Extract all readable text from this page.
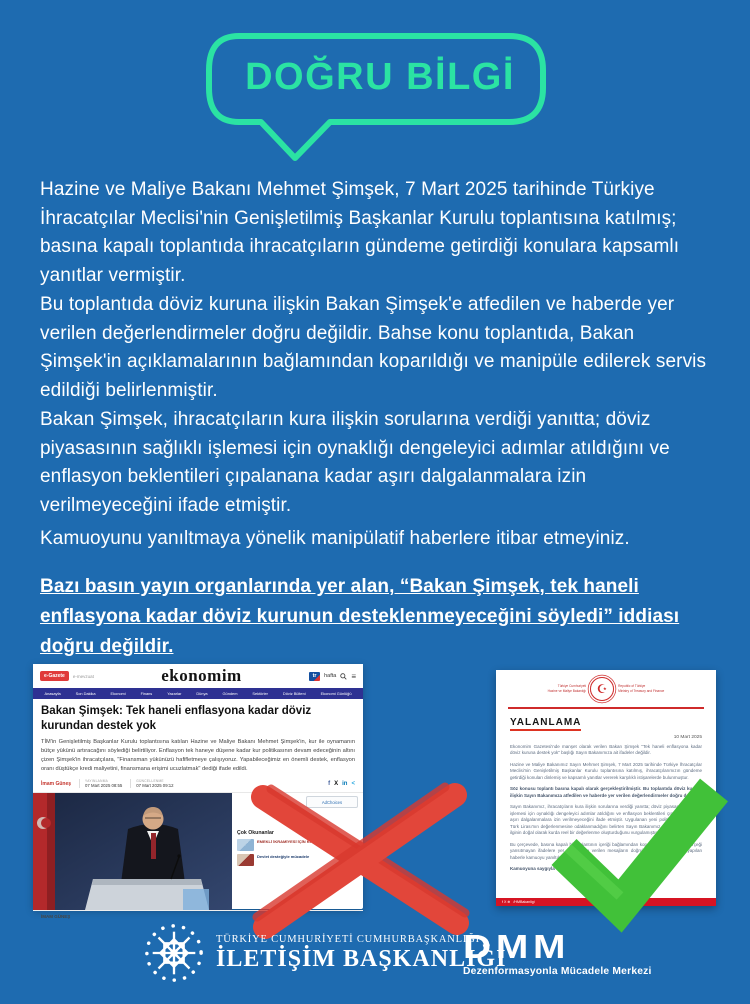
DOĞRU BİLGİ

Hazine ve Maliye Bakanı Mehmet Şimşek, 7 Mart 2025 tarihinde Türkiye İhracatçılar Meclisi'nin Genişletilmiş Başkanlar Kurulu toplantısına katılmış; basına kapalı toplantıda ihracatçıların gündeme getirdiği konulara kapsamlı yanıtlar vermiştir.

Bu toplantıda döviz kuruna ilişkin Bakan Şimşek'e atfedilen ve haberde yer verilen değerlendirmeler doğru değildir. Bahse konu toplantıda, Bakan Şimşek'in açıklamalarının bağlamından koparıldığı ve manipüle edilerek servis edildiği belirlenmiştir.

Bakan Şimşek, ihracatçıların kura ilişkin sorularına verdiği yanıtta; döviz piyasasının sağlıklı işlemesi için oynaklığı dengeleyici adımlar atıldığını ve enflasyon beklentileri çıpalanana kadar aşırı dalgalanmalara izin verilmeyeceğini ifade etmiştir.

Kamuoyunu yanıltmaya yönelik manipülatif haberlere itibar etmeyiniz.

Bazı basın yayın organlarında yer alan, “Bakan Şimşek, tek haneli enflasyona kadar döviz kurunun desteklenmeyeceğini söyledi” iddiası doğru değildir.

e-Gazete	e-mevzuat	ekonomim	tr	hafta ≡
Anasayfa	Son Dakika	Ekonomi	Finans	Yazarlar	Dünya	Gündem	Sektörler	Döviz Bülteni	Ekonomi Günlüğü
Bakan Şimşek: Tek haneli enflasyona kadar döviz kurundan destek yok
TİM'in Genişletilmiş Başkanlar Kurulu toplantısına katılan Hazine ve Maliye Bakanı Mehmet Şimşek'in, kur ile oynamanın bütçe yükünü artıracağını söylediği belirtiliyor. Enflasyon tek haneye düşene kadar kur politikasının devam edeceğinin altını çizen Şimşek'in ihracatçılara, "Finansman yükünüzü hafifletmeye çalışıyoruz. Yapabileceğimiz en önemli destek, enflasyon oranı düştükçe kredi maliyetini, finansmana erişimi ucuzlatmak" dediği ifade edildi.
İmam Güneş	YAYINLANMA
07 Mart 2025 08:55
GÜNCELLENME
07 Mart 2025 09:12	f X in <
AdChoices
Çok Okunanlar
EMEKLİ İKRAMİYESİ İÇİN KRİTİK GÜN
Devlet desteğiyle mücadele
İMAM GÜNEŞ
Türkiye Cumhuriyeti
Hazine ve Maliye Bakanlığı ☪	Republic of Türkiye
Ministry of Treasury and Finance
YALANLAMA
10 Mart 2025

Ekonomim Gazetesi'nde manşet olarak verilen Bakan Şimşek "Tek haneli enflasyona kadar döviz kuruna destek yok" başlığı Sayın Bakanımıza ait ifadeler değildir.

Hazine ve Maliye Bakanımız Sayın Mehmet Şimşek, 7 Mart 2025 tarihinde Türkiye İhracatçılar Meclisi'nin Genişletilmiş Başkanlar Kurulu toplantısına katılmış, ihracatçılarımızın gündeme getirdiği konuları dinlemiş ve kapsamlı yanıtlar vererek karşılıklı istişarelerde bulunmuştur.

Söz konusu toplantı basına kapalı olarak gerçekleştirilmiştir. Bu toplantıda döviz kuruna ilişkin Sayın Bakanımıza atfedilen ve haberde yer verilen değerlendirmeler doğru değildir.

Sayın Bakanımız, ihracatçıların kura ilişkin sorularına verdiği yanıtta; döviz piyasasının sağlıklı işlemesi için oynaklığı dengeleyici adımlar atıldığını ve enflasyon beklentileri çıpalanana kadar aşırı dalgalanmalara izin verilmeyeceğini ifade etmiştir. Uygulanan yeni politikaların ardından Türk Lirası'nın değerlenmesine odaklanmadığını belirten Sayın Bakanımız, Türk Lirasına artan ilginin doğal olarak kurda reel bir değerlenme oluşturduğunu vurgulamıştır.

Bu çerçevede, basına kapalı bir toplantının içeriği bağlamından koparılarak çarpıtılmış, gerçeği yansıtmayan ifadelere yer verilmiş ve verilen mesajların doğruluğu teyit edilmeden yapılan haberle kamuoyu yanıltılmıştır.

Kamuoyuna saygıyla duyurulur.

f X ⊕ /HMBakanligi
TÜRKİYE CUMHURİYETİ CUMHURBAŞKANLIĞI
İLETİŞİM BAŞKANLIĞI
DMM
Dezenformasyonla Mücadele Merkezi
